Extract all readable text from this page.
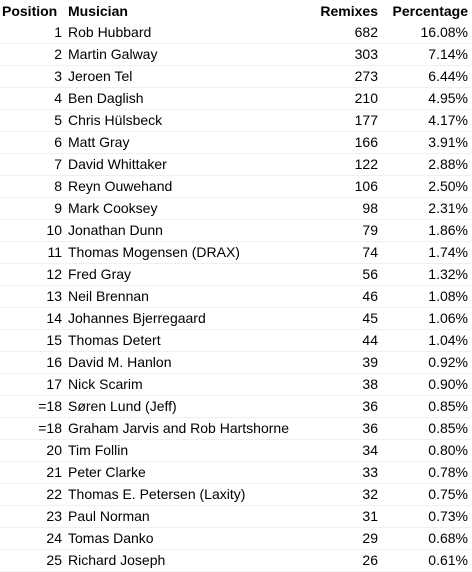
Position	Musician	Remixes	Percentage
1	Rob Hubbard	682	16.08%
2	Martin Galway	303	7.14%
3	Jeroen Tel	273	6.44%
4	Ben Daglish	210	4.95%
5	Chris Hülsbeck	177	4.17%
6	Matt Gray	166	3.91%
7	David Whittaker	122	2.88%
8	Reyn Ouwehand	106	2.50%
9	Mark Cooksey	98	2.31%
10	Jonathan Dunn	79	1.86%
11	Thomas Mogensen (DRAX)	74	1.74%
12	Fred Gray	56	1.32%
13	Neil Brennan	46	1.08%
14	Johannes Bjerregaard	45	1.06%
15	Thomas Detert	44	1.04%
16	David M. Hanlon	39	0.92%
17	Nick Scarim	38	0.90%
=18	Søren Lund (Jeff)	36	0.85%
=18	Graham Jarvis and Rob Hartshorne	36	0.85%
20	Tim Follin	34	0.80%
21	Peter Clarke	33	0.78%
22	Thomas E. Petersen (Laxity)	32	0.75%
23	Paul Norman	31	0.73%
24	Tomas Danko	29	0.68%
25	Richard Joseph	26	0.61%
